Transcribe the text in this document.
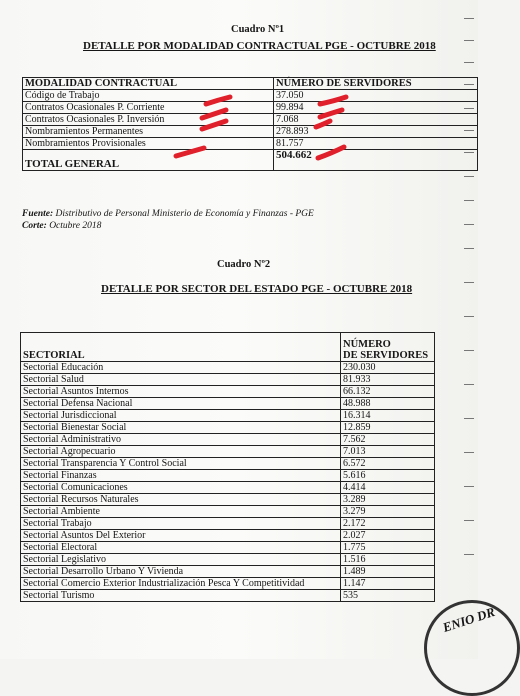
Cuadro Nº1
DETALLE POR MODALIDAD CONTRACTUAL PGE - OCTUBRE 2018
MODALIDAD CONTRACTUAL	NÚMERO DE SERVIDORES
Código de Trabajo	37.050
Contratos Ocasionales P. Corriente	99.894
Contratos Ocasionales P. Inversión	7.068
Nombramientos Permanentes	278.893
Nombramientos Provisionales	81.757
TOTAL GENERAL	504.662
Fuente: Distributivo de Personal Ministerio de Economía y Finanzas - PGE
Corte: Octubre 2018
Cuadro Nº2
DETALLE POR SECTOR DEL ESTADO PGE - OCTUBRE 2018
SECTORIAL	NÚMERO
DE SERVIDORES

Sectorial Educación	230.030
Sectorial Salud	81.933
Sectorial Asuntos Internos	66.132
Sectorial Defensa Nacional	48.988
Sectorial Jurisdiccional	16.314
Sectorial Bienestar Social	12.859
Sectorial Administrativo	7.562
Sectorial Agropecuario	7.013
Sectorial Transparencia Y Control Social	6.572
Sectorial Finanzas	5.616
Sectorial Comunicaciones	4.414
Sectorial Recursos Naturales	3.289
Sectorial Ambiente	3.279
Sectorial Trabajo	2.172
Sectorial Asuntos Del Exterior	2.027
Sectorial Electoral	1.775
Sectorial Legislativo	1.516
Sectorial Desarrollo Urbano Y Vivienda	1.489
Sectorial Comercio Exterior Industrialización Pesca Y Competitividad	1.147
Sectorial Turismo	535
ENIO DR
